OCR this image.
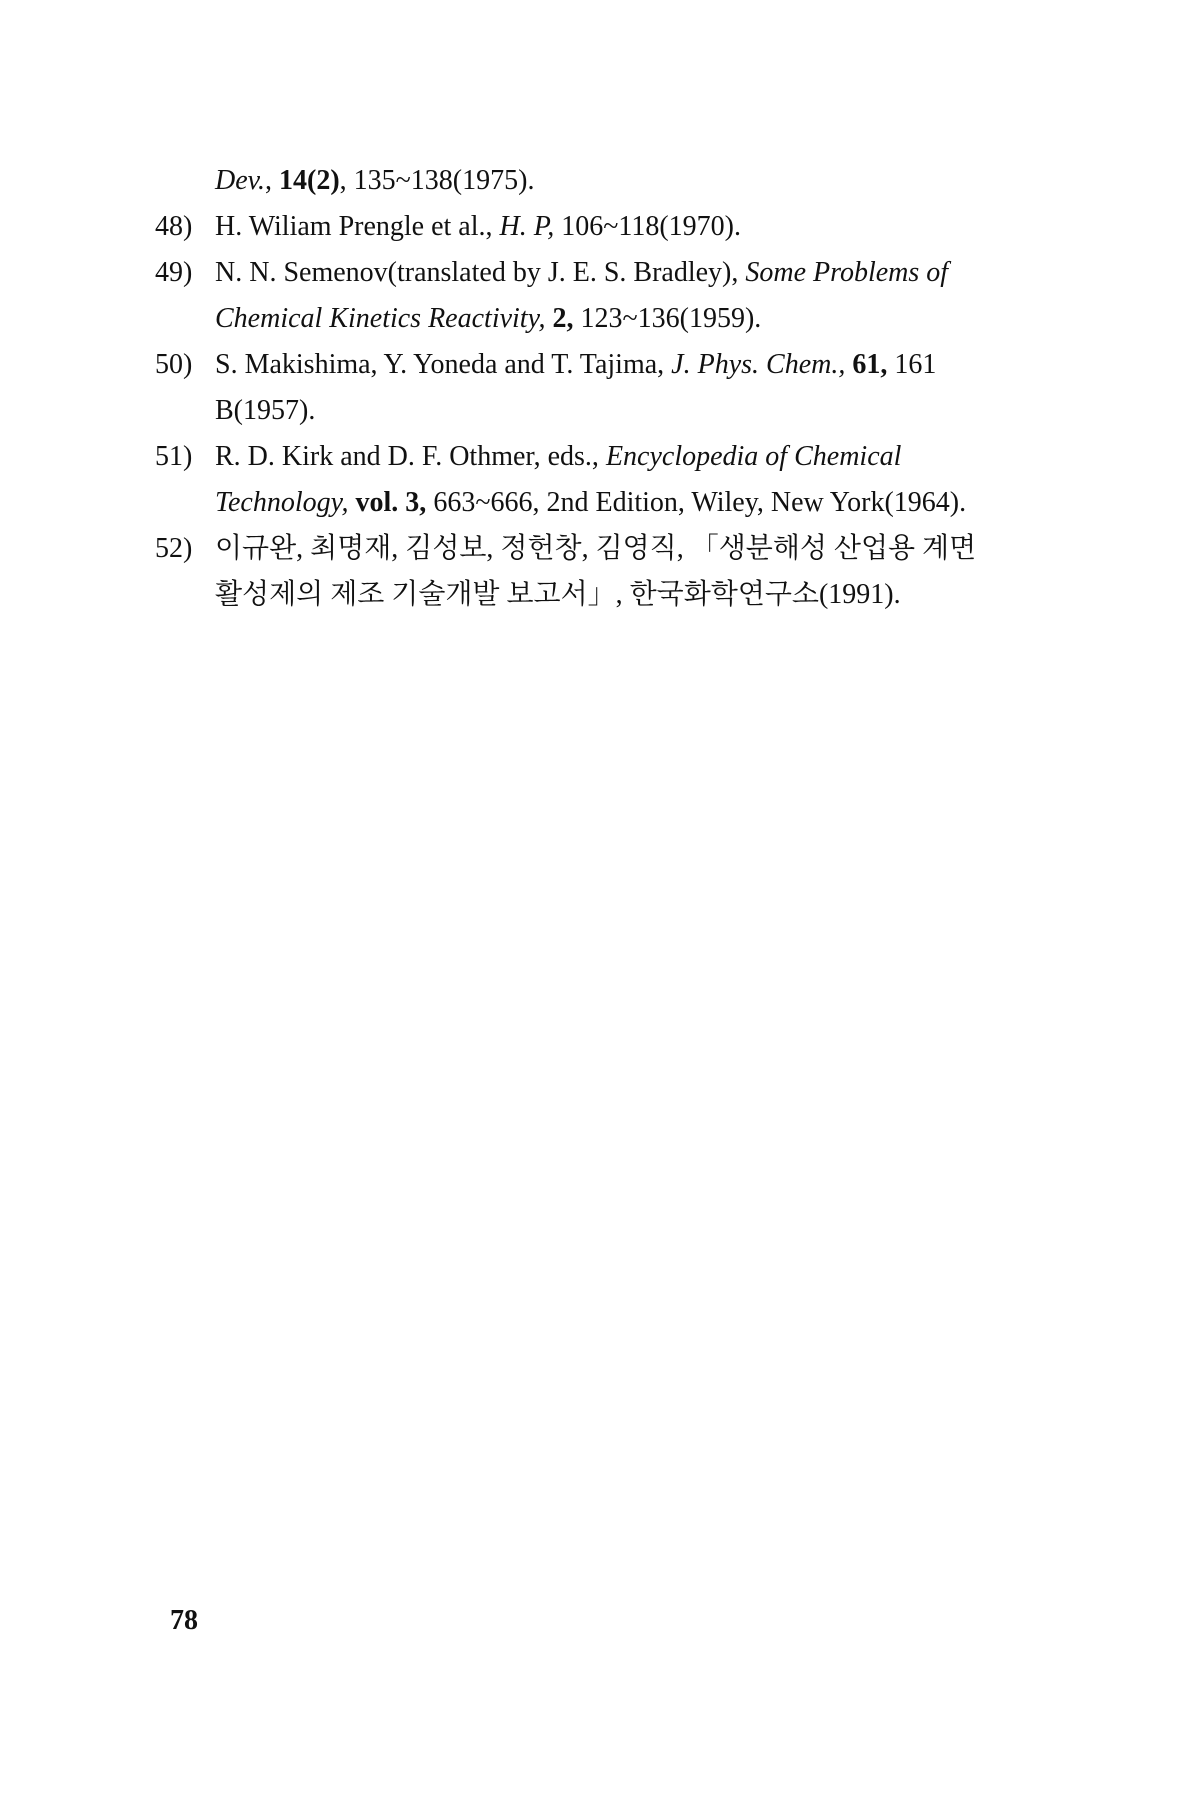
Dev., 14(2), 135~138(1975).
48) H. Wiliam Prengle et al., H. P, 106~118(1970).
49) N. N. Semenov(translated by J. E. S. Bradley), Some Problems of
Chemical Kinetics Reactivity, 2, 123~136(1959).
50) S. Makishima, Y. Yoneda and T. Tajima, J. Phys. Chem., 61, 161
B(1957).
51) R. D. Kirk and D. F. Othmer, eds., Encyclopedia of Chemical
Technology, vol. 3, 663~666, 2nd Edition, Wiley, New York(1964).
52) 이규완, 최명재, 김성보, 정헌창, 김영직, 「생분해성 산업용 계면
활성제의 제조 기술개발 보고서」, 한국화학연구소(1991).
78
